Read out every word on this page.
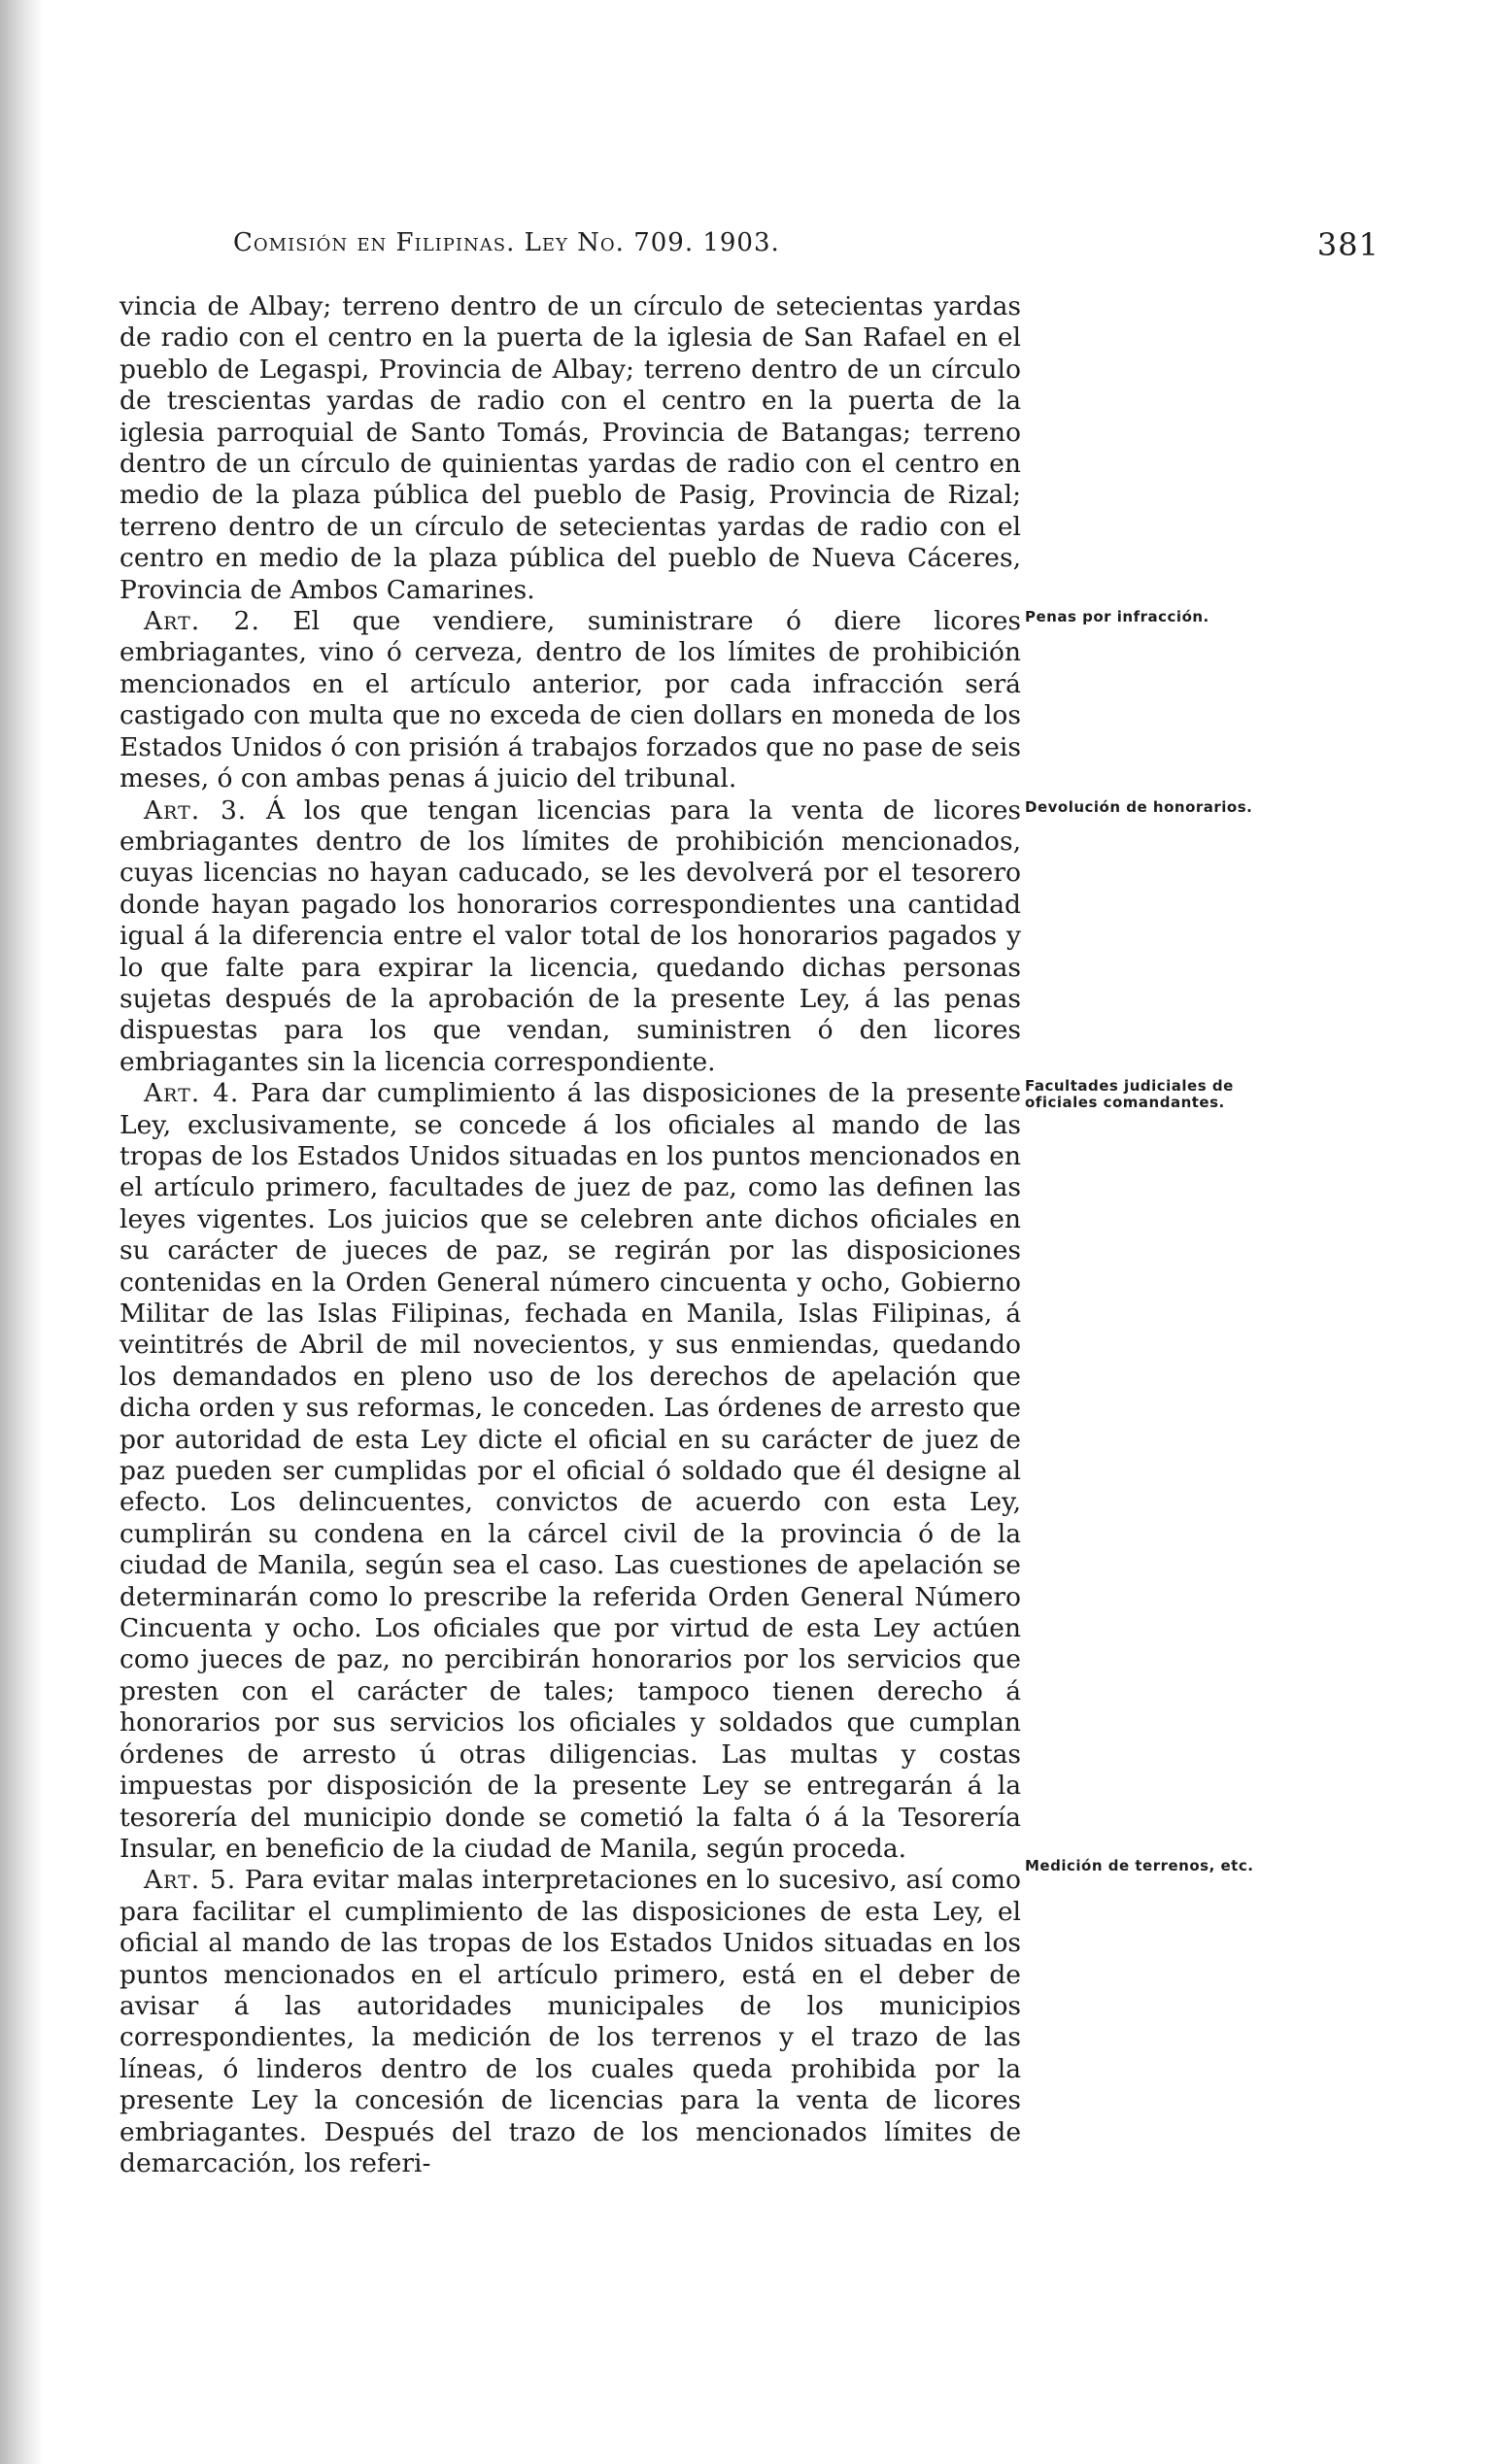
Comisión en Filipinas. Ley No. 709. 1903.	381

vincia de Albay; terreno dentro de un círculo de setecientas yardas de radio con el centro en la puerta de la iglesia de San Rafael en el pueblo de Legaspi, Provincia de Albay; terreno dentro de un círculo de trescientas yardas de radio con el centro en la puerta de la iglesia parroquial de Santo Tomás, Provincia de Batangas; terreno dentro de un círculo de quinientas yardas de radio con el centro en medio de la plaza pública del pueblo de Pasig, Provincia de Rizal; terreno dentro de un círculo de setecientas yardas de radio con el centro en medio de la plaza pública del pueblo de Nueva Cáceres, Provincia de Ambos Camarines.

Art. 2. El que vendiere, suministrare ó diere licores embriagantes, vino ó cerveza, dentro de los límites de prohibición mencionados en el artículo anterior, por cada infracción será castigado con multa que no exceda de cien dollars en moneda de los Estados Unidos ó con prisión á trabajos forzados que no pase de seis meses, ó con ambas penas á juicio del tribunal.

Art. 3. Á los que tengan licencias para la venta de licores embriagantes dentro de los límites de prohibición mencionados, cuyas licencias no hayan caducado, se les devolverá por el tesorero donde hayan pagado los honorarios correspondientes una cantidad igual á la diferencia entre el valor total de los honorarios pagados y lo que falte para expirar la licencia, quedando dichas personas sujetas después de la aprobación de la presente Ley, á las penas dispuestas para los que vendan, suministren ó den licores embriagantes sin la licencia correspondiente.

Art. 4. Para dar cumplimiento á las disposiciones de la presente Ley, exclusivamente, se concede á los oficiales al mando de las tropas de los Estados Unidos situadas en los puntos mencionados en el artículo primero, facultades de juez de paz, como las definen las leyes vigentes. Los juicios que se celebren ante dichos oficiales en su carácter de jueces de paz, se regirán por las disposiciones contenidas en la Orden General número cincuenta y ocho, Gobierno Militar de las Islas Filipinas, fechada en Manila, Islas Filipinas, á veintitrés de Abril de mil novecientos, y sus enmiendas, quedando los demandados en pleno uso de los derechos de apelación que dicha orden y sus reformas, le conceden. Las órdenes de arresto que por autoridad de esta Ley dicte el oficial en su carácter de juez de paz pueden ser cumplidas por el oficial ó soldado que él designe al efecto. Los delincuentes, convictos de acuerdo con esta Ley, cumplirán su condena en la cárcel civil de la provincia ó de la ciudad de Manila, según sea el caso. Las cuestiones de apelación se determinarán como lo prescribe la referida Orden General Número Cincuenta y ocho. Los oficiales que por virtud de esta Ley actúen como jueces de paz, no percibirán honorarios por los servicios que presten con el carácter de tales; tampoco tienen derecho á honorarios por sus servicios los oficiales y soldados que cumplan órdenes de arresto ú otras diligencias. Las multas y costas impuestas por disposición de la presente Ley se entregarán á la tesorería del municipio donde se cometió la falta ó á la Tesorería Insular, en beneficio de la ciudad de Manila, según proceda.

Art. 5. Para evitar malas interpretaciones en lo sucesivo, así como para facilitar el cumplimiento de las disposiciones de esta Ley, el oficial al mando de las tropas de los Estados Unidos situadas en los puntos mencionados en el artículo primero, está en el deber de avisar á las autoridades municipales de los municipios correspondientes, la medición de los terrenos y el trazo de las líneas, ó linderos dentro de los cuales queda prohibida por la presente Ley la concesión de licencias para la venta de licores embriagantes. Después del trazo de los mencionados límites de demarcación, los referi-

Penas por infracción.
Devolución de honorarios.
Facultades judiciales de oficiales comandantes.
Medición de terrenos, etc.
